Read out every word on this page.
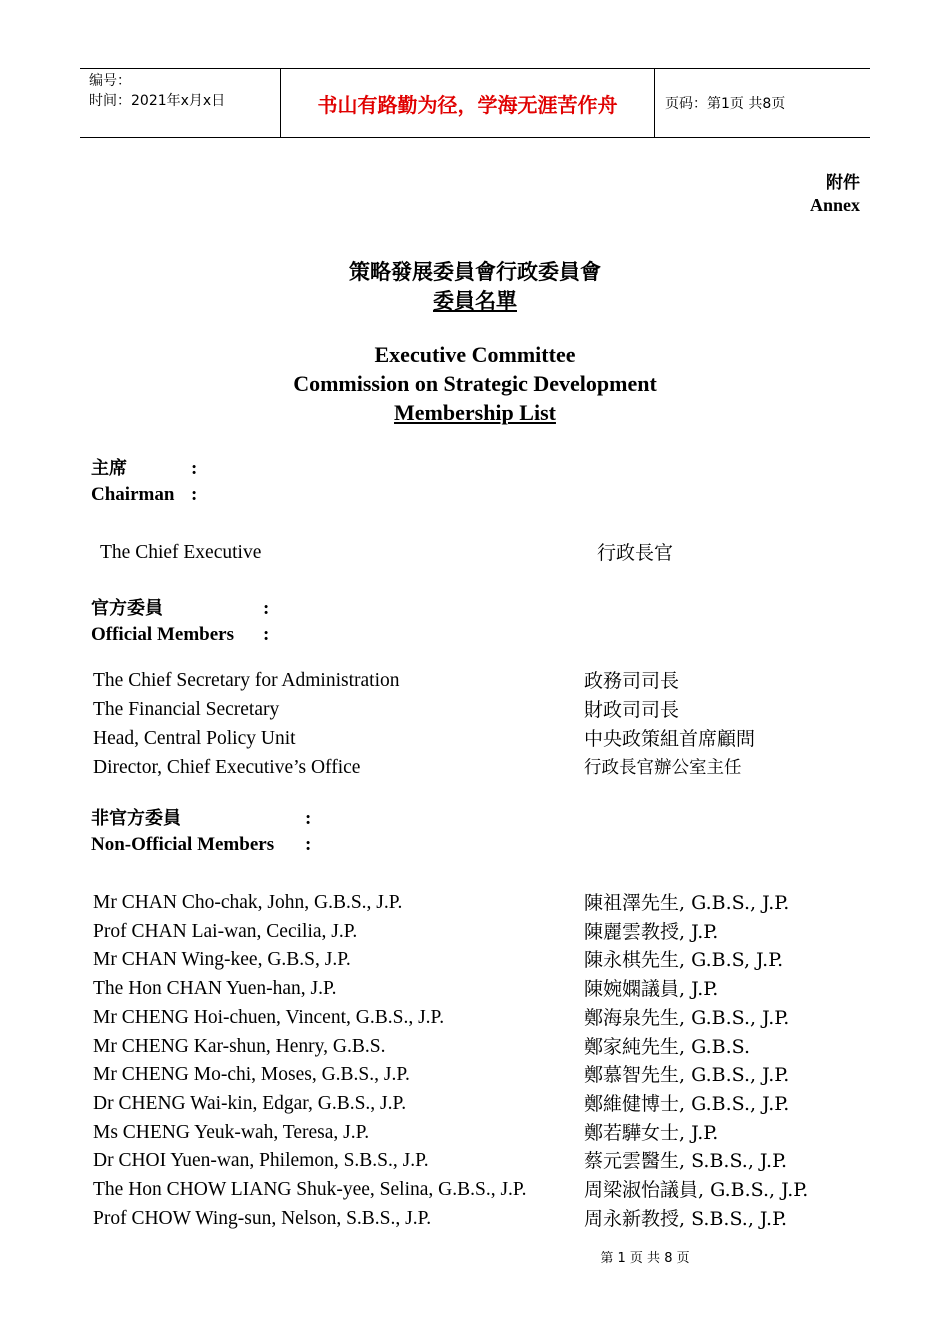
编号：
时间：2021年x月x日	书山有路勤为径，学海无涯苦作舟	页码：第1页 共8页
附件
Annex
策略發展委員會行政委員會
委員名單
Executive Committee
Commission on Strategic Development
Membership List
主席	:
Chairman :
The Chief Executive	行政長官
官方委員	:
Official Members :
The Chief Secretary for Administration	政務司司長
The Financial Secretary	財政司司長
Head, Central Policy Unit	中央政策組首席顧問
Director, Chief Executive’s Office	行政長官辦公室主任
非官方委員	:
Non-Official Members :
Mr CHAN Cho-chak, John, G.B.S., J.P.	陳祖澤先生, G.B.S., J.P.
Prof CHAN Lai-wan, Cecilia, J.P.	陳麗雲教授, J.P.
Mr CHAN Wing-kee, G.B.S, J.P.	陳永棋先生, G.B.S, J.P.
The Hon CHAN Yuen-han, J.P.	陳婉嫻議員, J.P.
Mr CHENG Hoi-chuen, Vincent, G.B.S., J.P.	鄭海泉先生, G.B.S., J.P.
Mr CHENG Kar-shun, Henry, G.B.S.	鄭家純先生, G.B.S.
Mr CHENG Mo-chi, Moses, G.B.S., J.P.	鄭慕智先生, G.B.S., J.P.
Dr CHENG Wai-kin, Edgar, G.B.S., J.P.	鄭維健博士, G.B.S., J.P.
Ms CHENG Yeuk-wah, Teresa, J.P.	鄭若驊女士, J.P.
Dr CHOI Yuen-wan, Philemon, S.B.S., J.P.	蔡元雲醫生, S.B.S., J.P.
The Hon CHOW LIANG Shuk-yee, Selina, G.B.S., J.P.	周梁淑怡議員, G.B.S., J.P.
Prof CHOW Wing-sun, Nelson, S.B.S., J.P.	周永新教授, S.B.S., J.P.
第 1 页 共 8 页
